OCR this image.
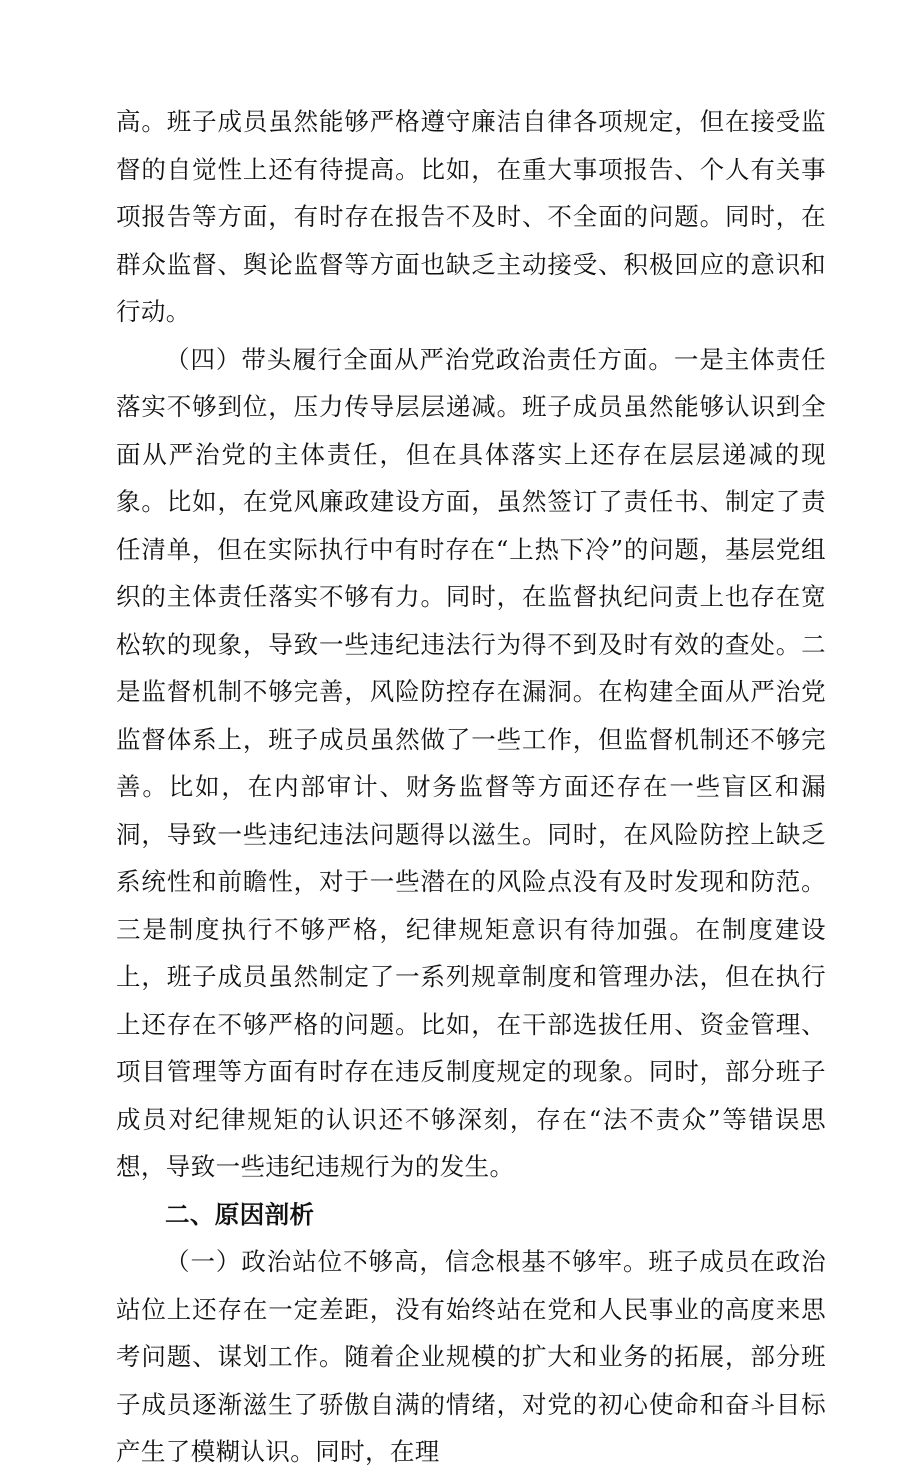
高。班子成员虽然能够严格遵守廉洁自律各项规定，但在接受监督的自觉性上还有待提高。比如，在重大事项报告、个人有关事项报告等方面，有时存在报告不及时、不全面的问题。同时，在群众监督、舆论监督等方面也缺乏主动接受、积极回应的意识和行动。

（四）带头履行全面从严治党政治责任方面。一是主体责任落实不够到位，压力传导层层递减。班子成员虽然能够认识到全面从严治党的主体责任，但在具体落实上还存在层层递减的现象。比如，在党风廉政建设方面，虽然签订了责任书、制定了责任清单，但在实际执行中有时存在“上热下冷”的问题，基层党组织的主体责任落实不够有力。同时，在监督执纪问责上也存在宽松软的现象，导致一些违纪违法行为得不到及时有效的查处。二是监督机制不够完善，风险防控存在漏洞。在构建全面从严治党监督体系上，班子成员虽然做了一些工作，但监督机制还不够完善。比如，在内部审计、财务监督等方面还存在一些盲区和漏洞，导致一些违纪违法问题得以滋生。同时，在风险防控上缺乏系统性和前瞻性，对于一些潜在的风险点没有及时发现和防范。三是制度执行不够严格，纪律规矩意识有待加强。在制度建设上，班子成员虽然制定了一系列规章制度和管理办法，但在执行上还存在不够严格的问题。比如，在干部选拔任用、资金管理、项目管理等方面有时存在违反制度规定的现象。同时，部分班子成员对纪律规矩的认识还不够深刻，存在“法不责众”等错误思想，导致一些违纪违规行为的发生。

二、原因剖析

（一）政治站位不够高，信念根基不够牢。班子成员在政治站位上还存在一定差距，没有始终站在党和人民事业的高度来思考问题、谋划工作。随着企业规模的扩大和业务的拓展，部分班子成员逐渐滋生了骄傲自满的情绪，对党的初心使命和奋斗目标产生了模糊认识。同时，在理
